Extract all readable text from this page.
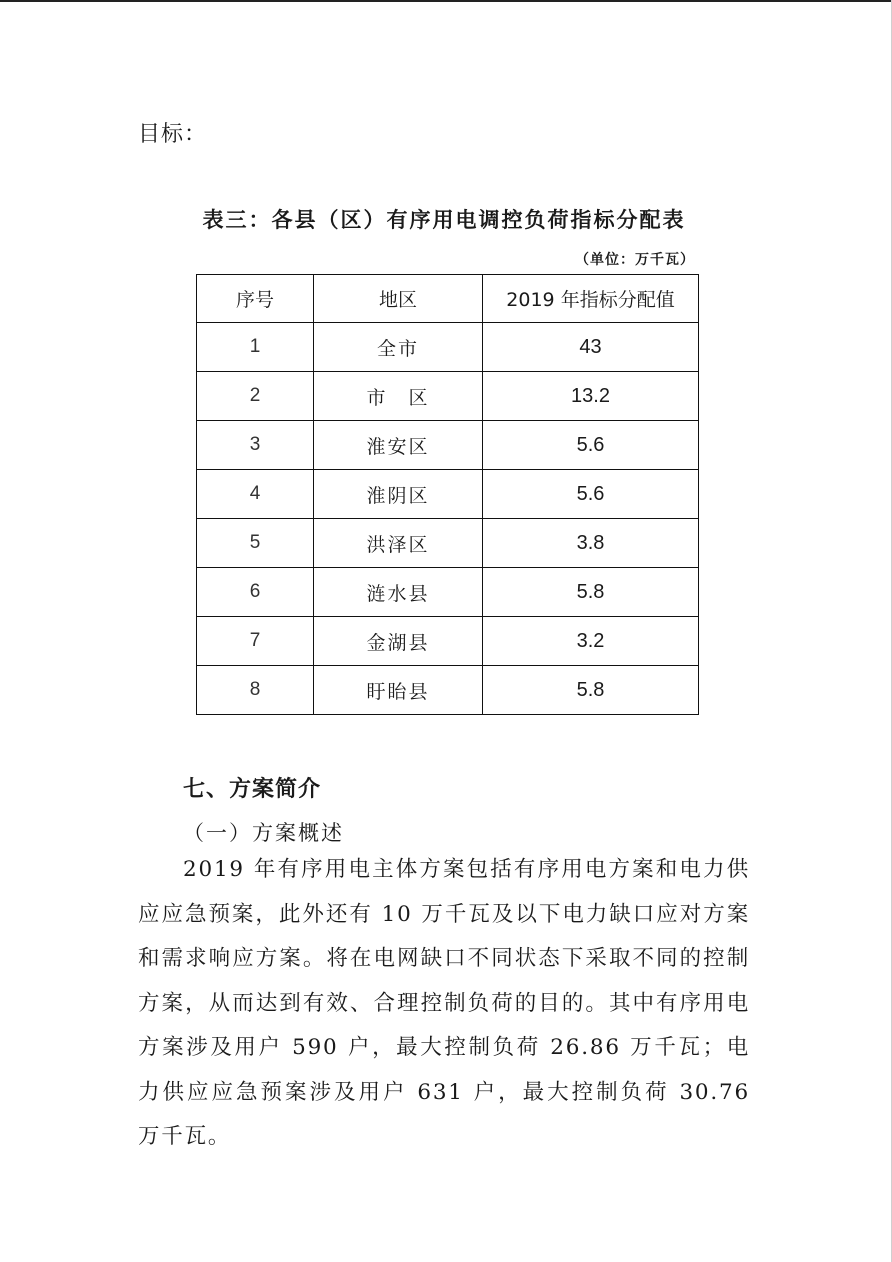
目标：
表三：各县（区）有序用电调控负荷指标分配表
（单位：万千瓦）
序号	地区	2019 年指标分配值
1	全市	43
2	市　区	13.2
3	淮安区	5.6
4	淮阴区	5.6
5	洪泽区	3.8
6	涟水县	5.8
7	金湖县	3.2
8	盱眙县	5.8
七、方案简介
（一）方案概述

2019 年有序用电主体方案包括有序用电方案和电力供应应急预案，此外还有 10 万千瓦及以下电力缺口应对方案和需求响应方案。将在电网缺口不同状态下采取不同的控制方案，从而达到有效、合理控制负荷的目的。其中有序用电方案涉及用户 590 户，最大控制负荷 26.86 万千瓦；电力供应应急预案涉及用户 631 户，最大控制负荷 30.76 万千瓦。
